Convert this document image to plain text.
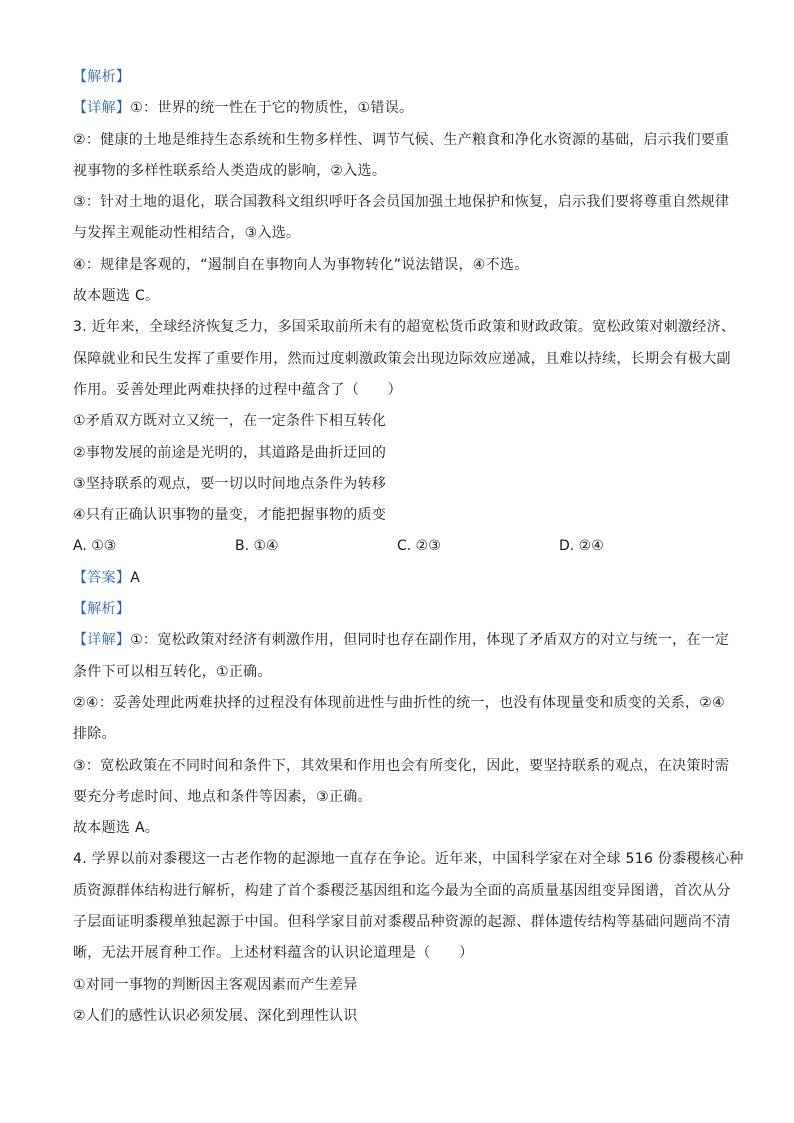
【解析】
【详解】①：世界的统一性在于它的物质性，①错误。
②：健康的土地是维持生态系统和生物多样性、调节气候、生产粮食和净化水资源的基础，启示我们要重
视事物的多样性联系给人类造成的影响，②入选。
③：针对土地的退化，联合国教科文组织呼吁各会员国加强土地保护和恢复，启示我们要将尊重自然规律
与发挥主观能动性相结合，③入选。
④：规律是客观的，“遏制自在事物向人为事物转化”说法错误，④不选。
故本题选 C。
3. 近年来，全球经济恢复乏力，多国采取前所未有的超宽松货币政策和财政政策。宽松政策对刺激经济、
保障就业和民生发挥了重要作用，然而过度刺激政策会出现边际效应递减，且难以持续，长期会有极大副
作用。妥善处理此两难抉择的过程中蕴含了（　　）
①矛盾双方既对立又统一，在一定条件下相互转化
②事物发展的前途是光明的，其道路是曲折迂回的
③坚持联系的观点，要一切以时间地点条件为转移
④只有正确认识事物的量变，才能把握事物的质变
A. ①③	B. ①④	C. ②③	D. ②④
【答案】A
【解析】
【详解】①：宽松政策对经济有刺激作用，但同时也存在副作用，体现了矛盾双方的对立与统一，在一定
条件下可以相互转化，①正确。
②④：妥善处理此两难抉择的过程没有体现前进性与曲折性的统一，也没有体现量变和质变的关系，②④
排除。
③：宽松政策在不同时间和条件下，其效果和作用也会有所变化，因此，要坚持联系的观点，在决策时需
要充分考虑时间、地点和条件等因素，③正确。
故本题选 A。
4. 学界以前对黍稷这一古老作物的起源地一直存在争论。近年来，中国科学家在对全球 516 份黍稷核心种
质资源群体结构进行解析，构建了首个黍稷泛基因组和迄今最为全面的高质量基因组变异图谱，首次从分
子层面证明黍稷单独起源于中国。但科学家目前对黍稷品种资源的起源、群体遗传结构等基础问题尚不清
晰，无法开展育种工作。上述材料蕴含的认识论道理是（　　）
①对同一事物的判断因主客观因素而产生差异
②人们的感性认识必须发展、深化到理性认识
